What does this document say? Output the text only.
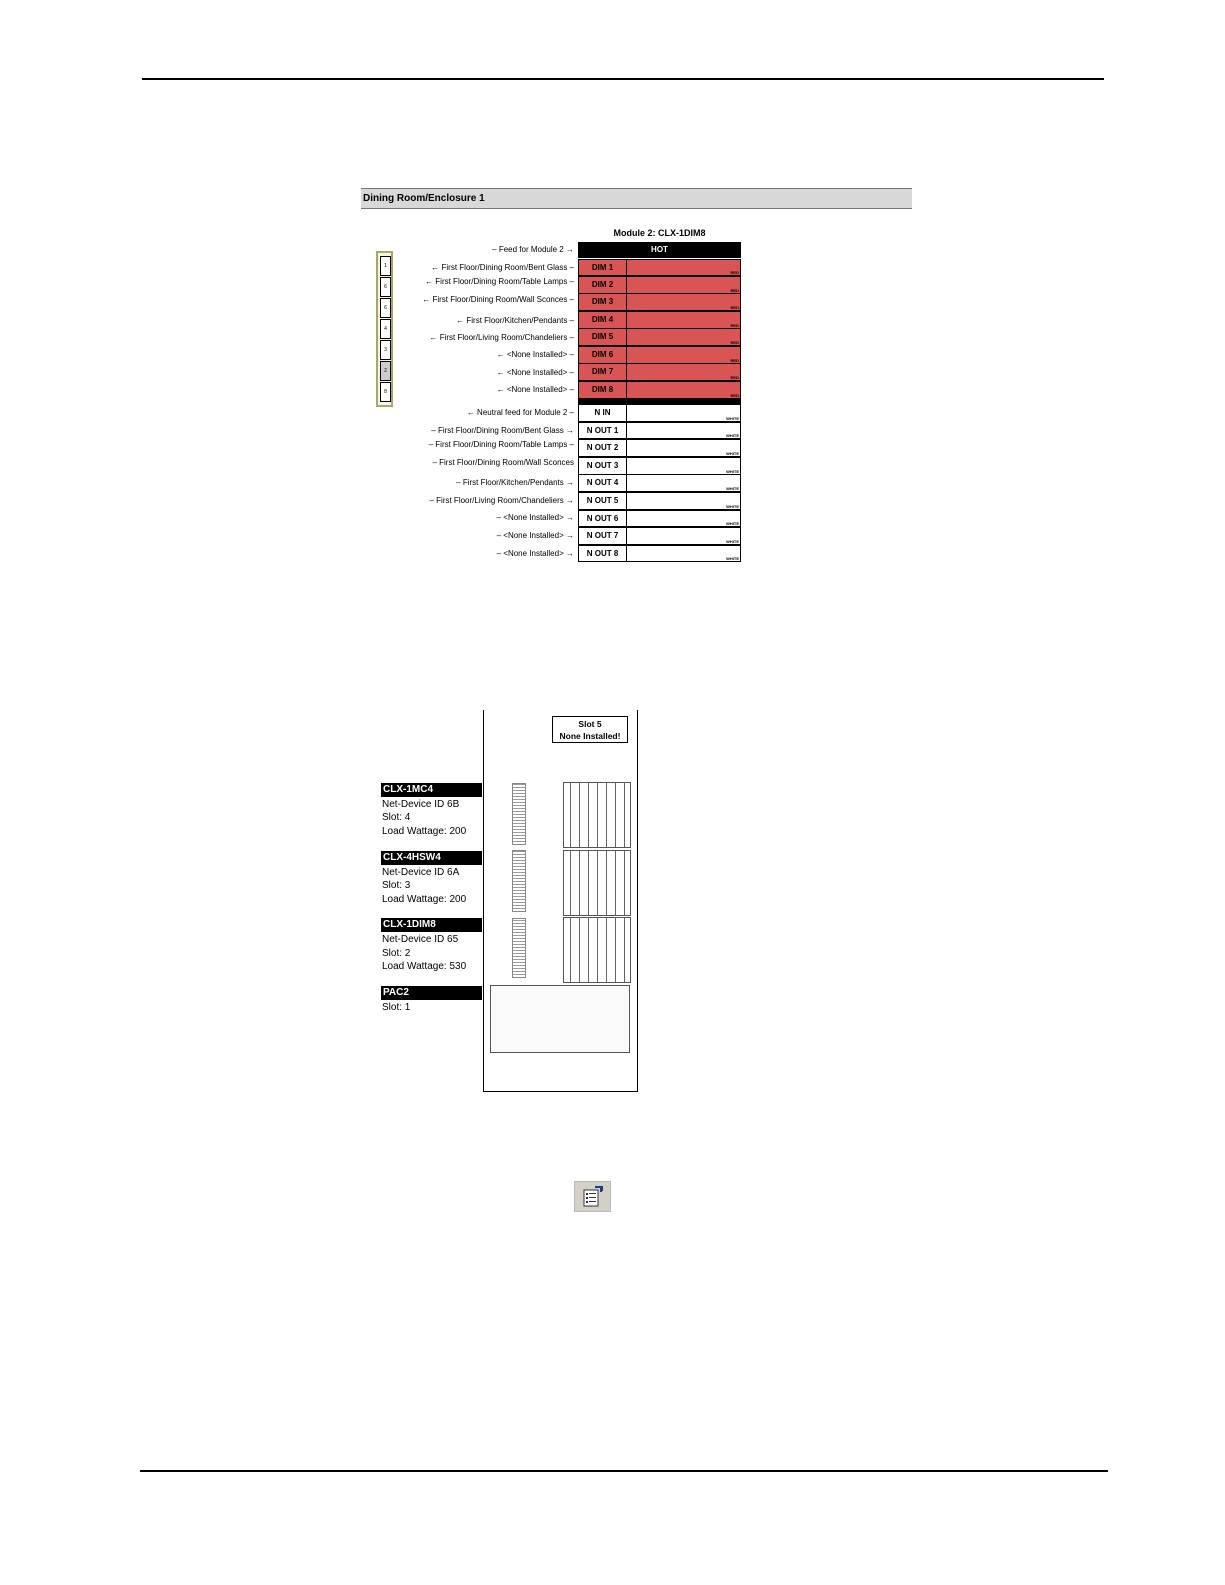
Dining Room/Enclosure 1
Module 2: CLX-1DIM8
– Feed for Module 2 →	HOT
1
6
6
4
3
2
8
← First Floor/Dining Room/Bent Glass –	DIM 1
RED
← First Floor/Dining Room/Table Lamps –	DIM 2
RED
← First Floor/Dining Room/Wall Sconces –	DIM 3
RED
← First Floor/Kitchen/Pendants –	DIM 4
RED
← First Floor/Living Room/Chandeliers –	DIM 5
RED
← <None Installed> –	DIM 6
RED
← <None Installed> –	DIM 7
RED
← <None Installed> –	DIM 8
RED
← Neutral feed for Module 2 –	N IN
WHITE
– First Floor/Dining Room/Bent Glass →	N OUT 1
WHITE
– First Floor/Dining Room/Table Lamps –	N OUT 2
WHITE
– First Floor/Dining Room/Wall Sconces	N OUT 3
WHITE
– First Floor/Kitchen/Pendants →	N OUT 4
WHITE
– First Floor/Living Room/Chandeliers →	N OUT 5
WHITE
– <None Installed> →	N OUT 6
WHITE
– <None Installed> →	N OUT 7
WHITE
– <None Installed> →	N OUT 8
WHITE
Slot 5
None Installed!
CLX-1MC4
Net-Device ID 6B
Slot: 4
Load Wattage: 200
CLX-4HSW4
Net-Device ID 6A
Slot: 3
Load Wattage: 200
CLX-1DIM8
Net-Device ID 65
Slot: 2
Load Wattage: 530
PAC2
Slot: 1
